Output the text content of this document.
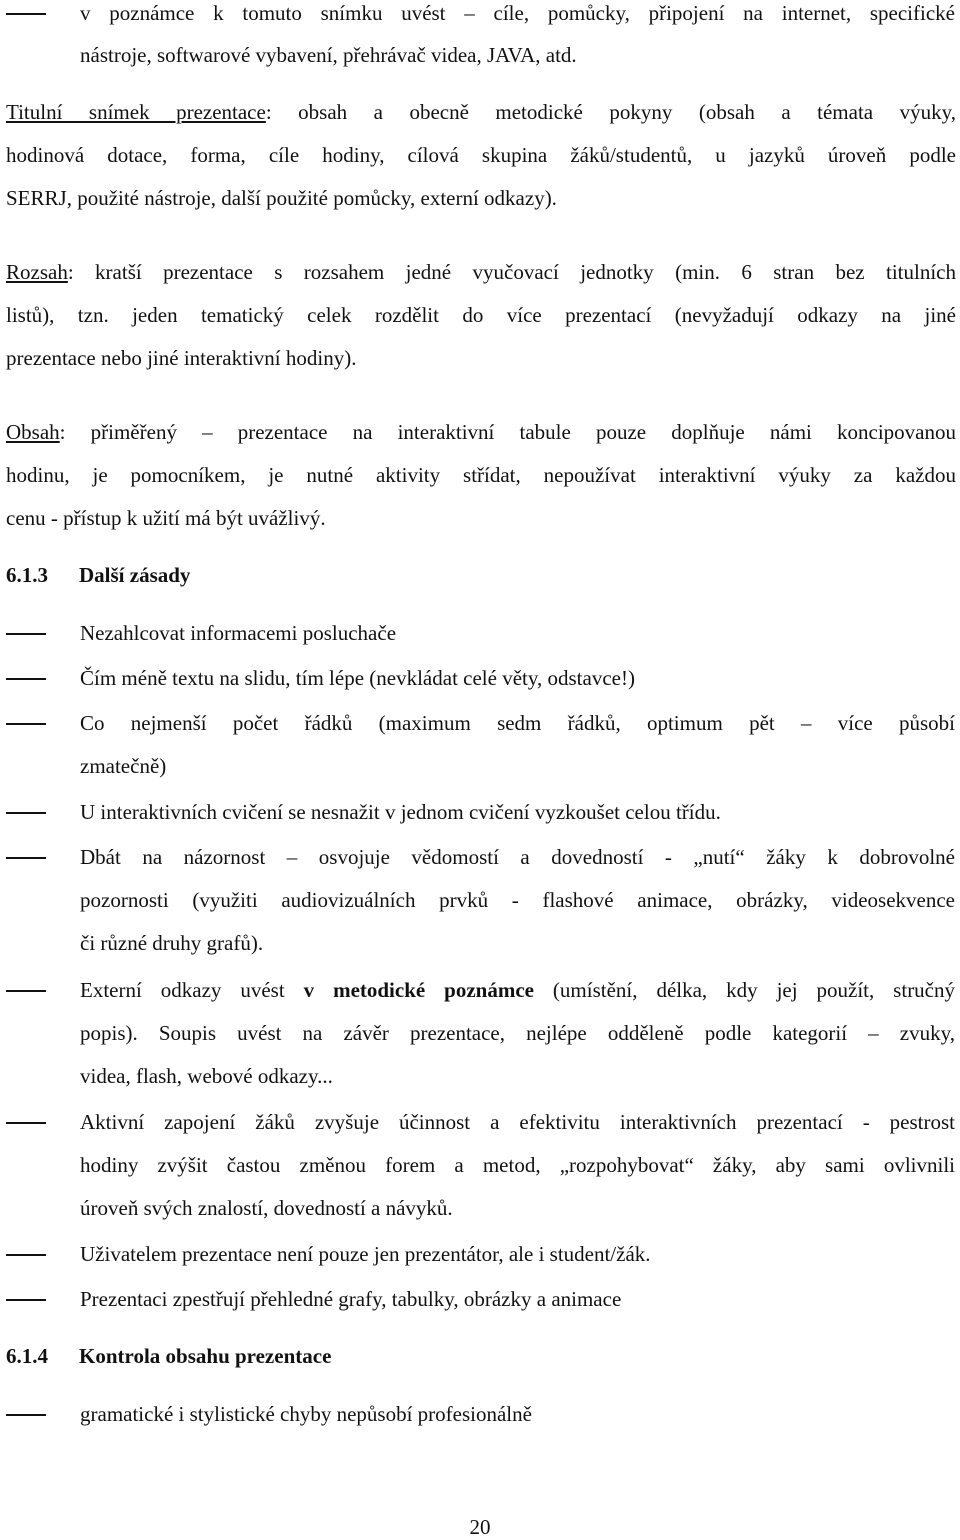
v poznámce k tomuto snímku uvést – cíle, pomůcky, připojení na internet, specifické
nástroje, softwarové vybavení, přehrávač videa, JAVA, atd.
Titulní snímek prezentace: obsah a obecně metodické pokyny (obsah a témata výuky,
hodinová dotace, forma, cíle hodiny, cílová skupina žáků/studentů, u jazyků úroveň podle
SERRJ, použité nástroje, další použité pomůcky, externí odkazy).
Rozsah: kratší prezentace s rozsahem jedné vyučovací jednotky (min. 6 stran bez titulních
listů), tzn. jeden tematický celek rozdělit do více prezentací (nevyžadují odkazy na jiné
prezentace nebo jiné interaktivní hodiny).
Obsah: přiměřený – prezentace na interaktivní tabule pouze doplňuje námi koncipovanou
hodinu, je pomocníkem, je nutné aktivity střídat, nepoužívat interaktivní výuky za každou
cenu - přístup k užití má být uvážlivý.
6.1.3 Další zásady
Nezahlcovat informacemi posluchače
Čím méně textu na slidu, tím lépe (nevkládat celé věty, odstavce!)
Co nejmenší počet řádků (maximum sedm řádků, optimum pět – více působí
zmatečně)
U interaktivních cvičení se nesnažit v jednom cvičení vyzkoušet celou třídu.
Dbát na názornost – osvojuje vědomostí a dovedností - „nutí“ žáky k dobrovolné
pozornosti (využiti audiovizuálních prvků - flashové animace, obrázky, videosekvence
či různé druhy grafů).
Externí odkazy uvést v metodické poznámce (umístění, délka, kdy jej použít, stručný
popis). Soupis uvést na závěr prezentace, nejlépe odděleně podle kategorií – zvuky,
videa, flash, webové odkazy...
Aktivní zapojení žáků zvyšuje účinnost a efektivitu interaktivních prezentací - pestrost
hodiny zvýšit častou změnou forem a metod, „rozpohybovat“ žáky, aby sami ovlivnili
úroveň svých znalostí, dovedností a návyků.
Uživatelem prezentace není pouze jen prezentátor, ale i student/žák.
Prezentaci zpestřují přehledné grafy, tabulky, obrázky a animace
6.1.4 Kontrola obsahu prezentace
gramatické i stylistické chyby nepůsobí profesionálně
20
